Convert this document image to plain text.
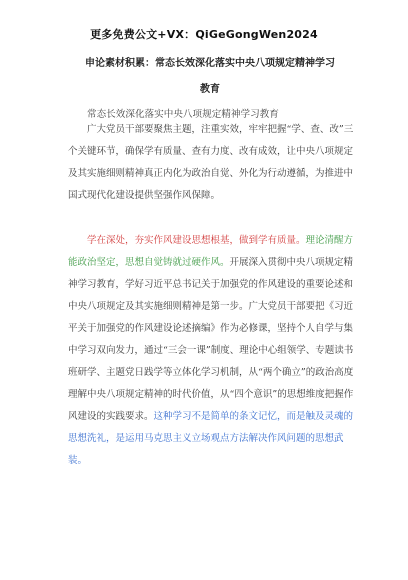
更多免费公文+VX：QiGeGongWen2024
申论素材积累：常态长效深化落实中央八项规定精神学习
教育
常态长效深化落实中央八项规定精神学习教育
广大党员干部要聚焦主题，注重实效，牢牢把握“学、查、改”三个关键环节，确保学有质量、查有力度、改有成效，让中央八项规定及其实施细则精神真正内化为政治自觉、外化为行动遵循，为推进中国式现代化建设提供坚强作风保障。
学在深处，夯实作风建设思想根基，做到学有质量。理论清醒方能政治坚定，思想自觉铸就过硬作风。开展深入贯彻中央八项规定精神学习教育，学好习近平总书记关于加强党的作风建设的重要论述和中央八项规定及其实施细则精神是第一步。广大党员干部要把《习近平关于加强党的作风建设论述摘编》作为必修课，坚持个人自学与集中学习双向发力，通过“三会一课”制度、理论中心组领学、专题读书班研学、主题党日践学等立体化学习机制，从“两个确立”的政治高度理解中央八项规定精神的时代价值，从“四个意识”的思想维度把握作风建设的实践要求。这种学习不是简单的条文记忆，而是触及灵魂的思想洗礼，是运用马克思主义立场观点方法解决作风问题的思想武装。
